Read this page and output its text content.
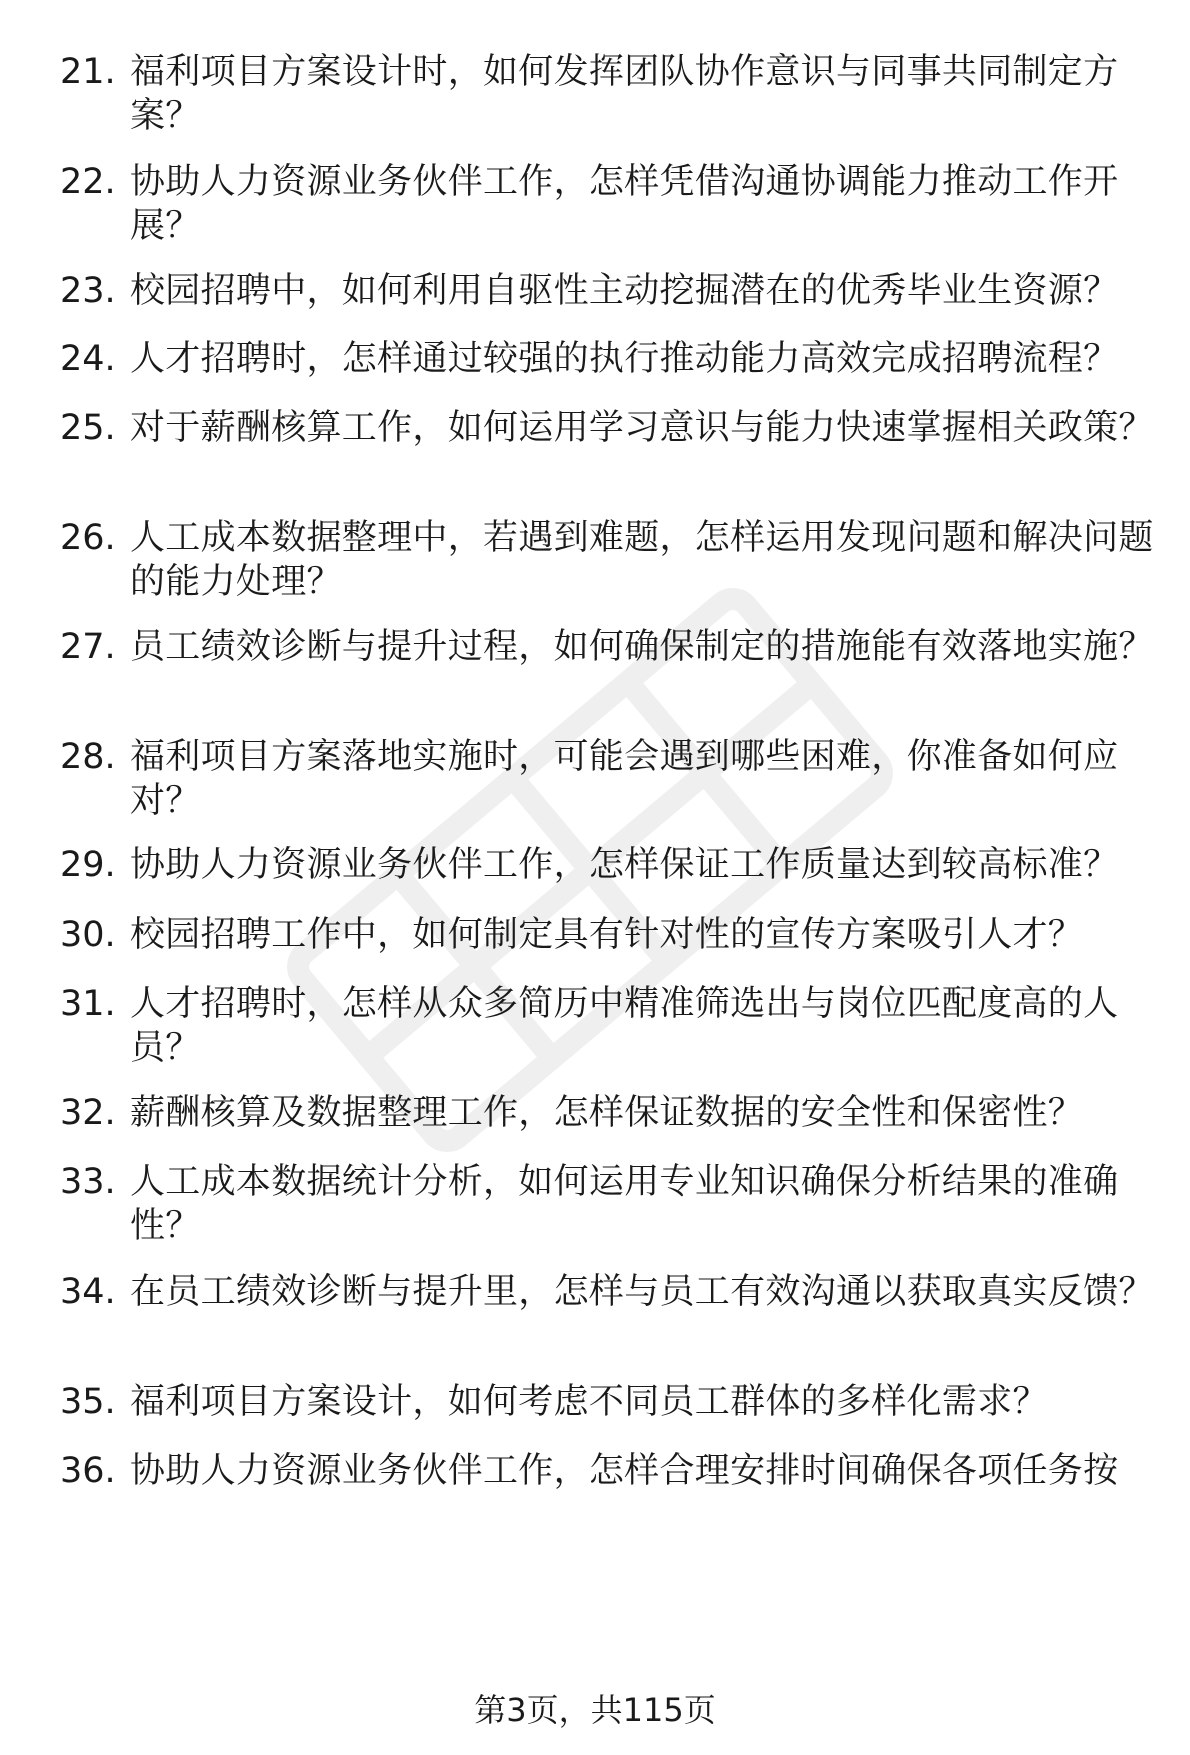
21. 福利项目方案设计时，如何发挥团队协作意识与同事共同制定方案？
22. 协助人力资源业务伙伴工作，怎样凭借沟通协调能力推动工作开展？
23. 校园招聘中，如何利用自驱性主动挖掘潜在的优秀毕业生资源？
24. 人才招聘时，怎样通过较强的执行推动能力高效完成招聘流程？
25. 对于薪酬核算工作，如何运用学习意识与能力快速掌握相关政策？
26. 人工成本数据整理中，若遇到难题，怎样运用发现问题和解决问题的能力处理？
27. 员工绩效诊断与提升过程，如何确保制定的措施能有效落地实施？
28. 福利项目方案落地实施时，可能会遇到哪些困难，你准备如何应对？
29. 协助人力资源业务伙伴工作，怎样保证工作质量达到较高标准？
30. 校园招聘工作中，如何制定具有针对性的宣传方案吸引人才？
31. 人才招聘时，怎样从众多简历中精准筛选出与岗位匹配度高的人员？
32. 薪酬核算及数据整理工作，怎样保证数据的安全性和保密性？
33. 人工成本数据统计分析，如何运用专业知识确保分析结果的准确性？
34. 在员工绩效诊断与提升里，怎样与员工有效沟通以获取真实反馈？
35. 福利项目方案设计，如何考虑不同员工群体的多样化需求？
36. 协助人力资源业务伙伴工作，怎样合理安排时间确保各项任务按
第3页，共115页
